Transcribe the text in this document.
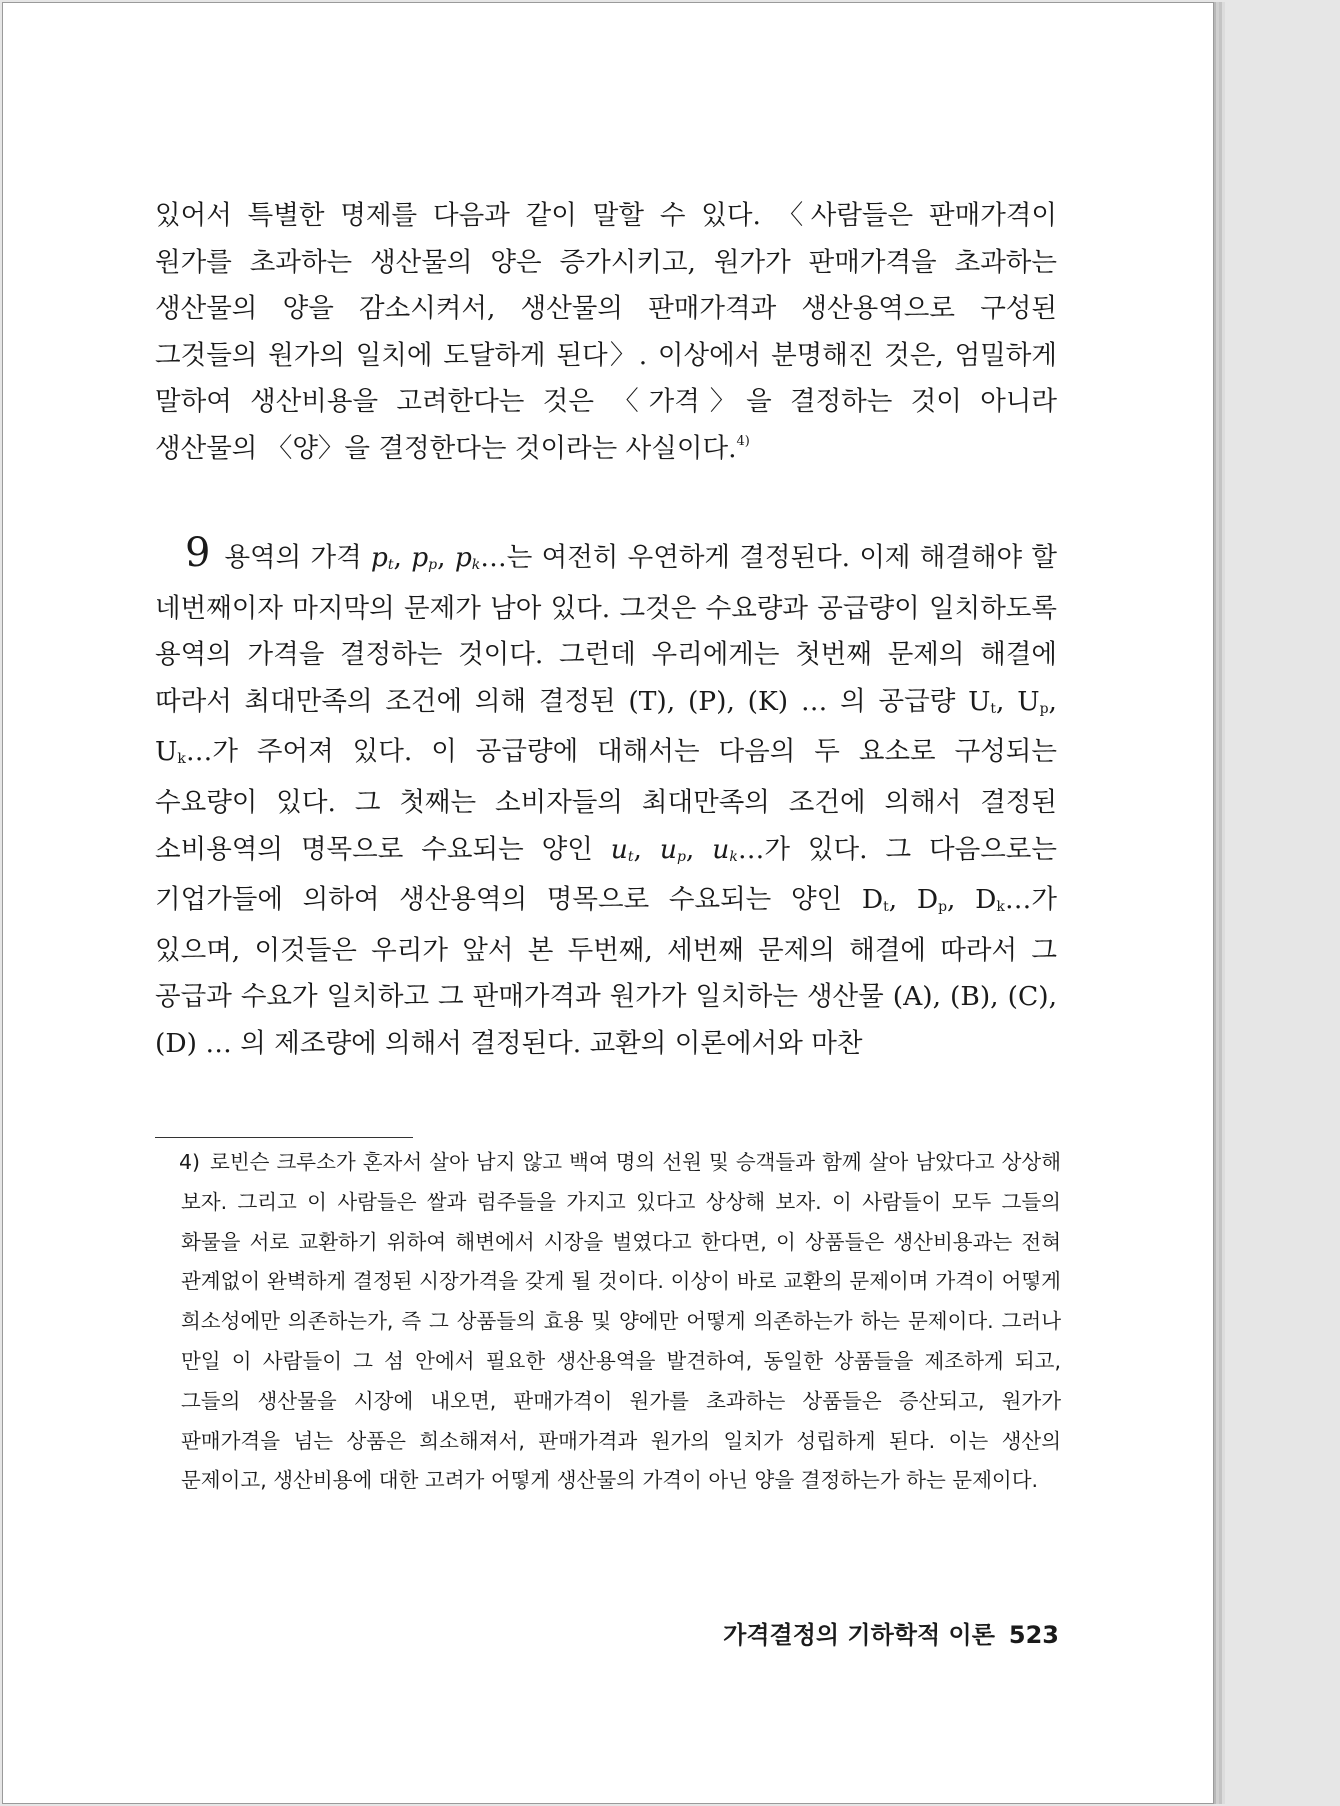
있어서 특별한 명제를 다음과 같이 말할 수 있다. 〈사람들은 판매가격이 원가를 초과하는 생산물의 양은 증가시키고, 원가가 판매가격을 초과하는 생산물의 양을 감소시켜서, 생산물의 판매가격과 생산용역으로 구성된 그것들의 원가의 일치에 도달하게 된다〉. 이상에서 분명해진 것은, 엄밀하게 말하여 생산비용을 고려한다는 것은 〈가격〉을 결정하는 것이 아니라 생산물의 〈양〉을 결정한다는 것이라는 사실이다.$^{4)}$

9 용역의 가격 $p_t$, $p_p$, $p_k\dots$는 여전히 우연하게 결정된다. 이제 해결해야 할 네번째이자 마지막의 문제가 남아 있다. 그것은 수요량과 공급량이 일치하도록 용역의 가격을 결정하는 것이다. 그런데 우리에게는 첫번째 문제의 해결에 따라서 최대만족의 조건에 의해 결정된 (T), (P), (K) … 의 공급량 $U_t$, $U_p$, $U_k\dots$가 주어져 있다. 이 공급량에 대해서는 다음의 두 요소로 구성되는 수요량이 있다. 그 첫째는 소비자들의 최대만족의 조건에 의해서 결정된 소비용역의 명목으로 수요되는 양인 $u_t$, $u_p$, $u_k\dots$가 있다. 그 다음으로는 기업가들에 의하여 생산용역의 명목으로 수요되는 양인 $D_t$, $D_p$, $D_k\dots$가 있으며, 이것들은 우리가 앞서 본 두번째, 세번째 문제의 해결에 따라서 그 공급과 수요가 일치하고 그 판매가격과 원가가 일치하는 생산물 (A), (B), (C), (D) … 의 제조량에 의해서 결정된다. 교환의 이론에서와 마찬

4) 로빈슨 크루소가 혼자서 살아 남지 않고 백여 명의 선원 및 승객들과 함께 살아 남았다고 상상해 보자. 그리고 이 사람들은 쌀과 럼주들을 가지고 있다고 상상해 보자. 이 사람들이 모두 그들의 화물을 서로 교환하기 위하여 해변에서 시장을 벌였다고 한다면, 이 상품들은 생산비용과는 전혀 관계없이 완벽하게 결정된 시장가격을 갖게 될 것이다. 이상이 바로 교환의 문제이며 가격이 어떻게 희소성에만 의존하는가, 즉 그 상품들의 효용 및 양에만 어떻게 의존하는가 하는 문제이다. 그러나 만일 이 사람들이 그 섬 안에서 필요한 생산용역을 발견하여, 동일한 상품들을 제조하게 되고, 그들의 생산물을 시장에 내오면, 판매가격이 원가를 초과하는 상품들은 증산되고, 원가가 판매가격을 넘는 상품은 희소해져서, 판매가격과 원가의 일치가 성립하게 된다. 이는 생산의 문제이고, 생산비용에 대한 고려가 어떻게 생산물의 가격이 아닌 양을 결정하는가 하는 문제이다.

가격결정의 기하학적 이론 523
